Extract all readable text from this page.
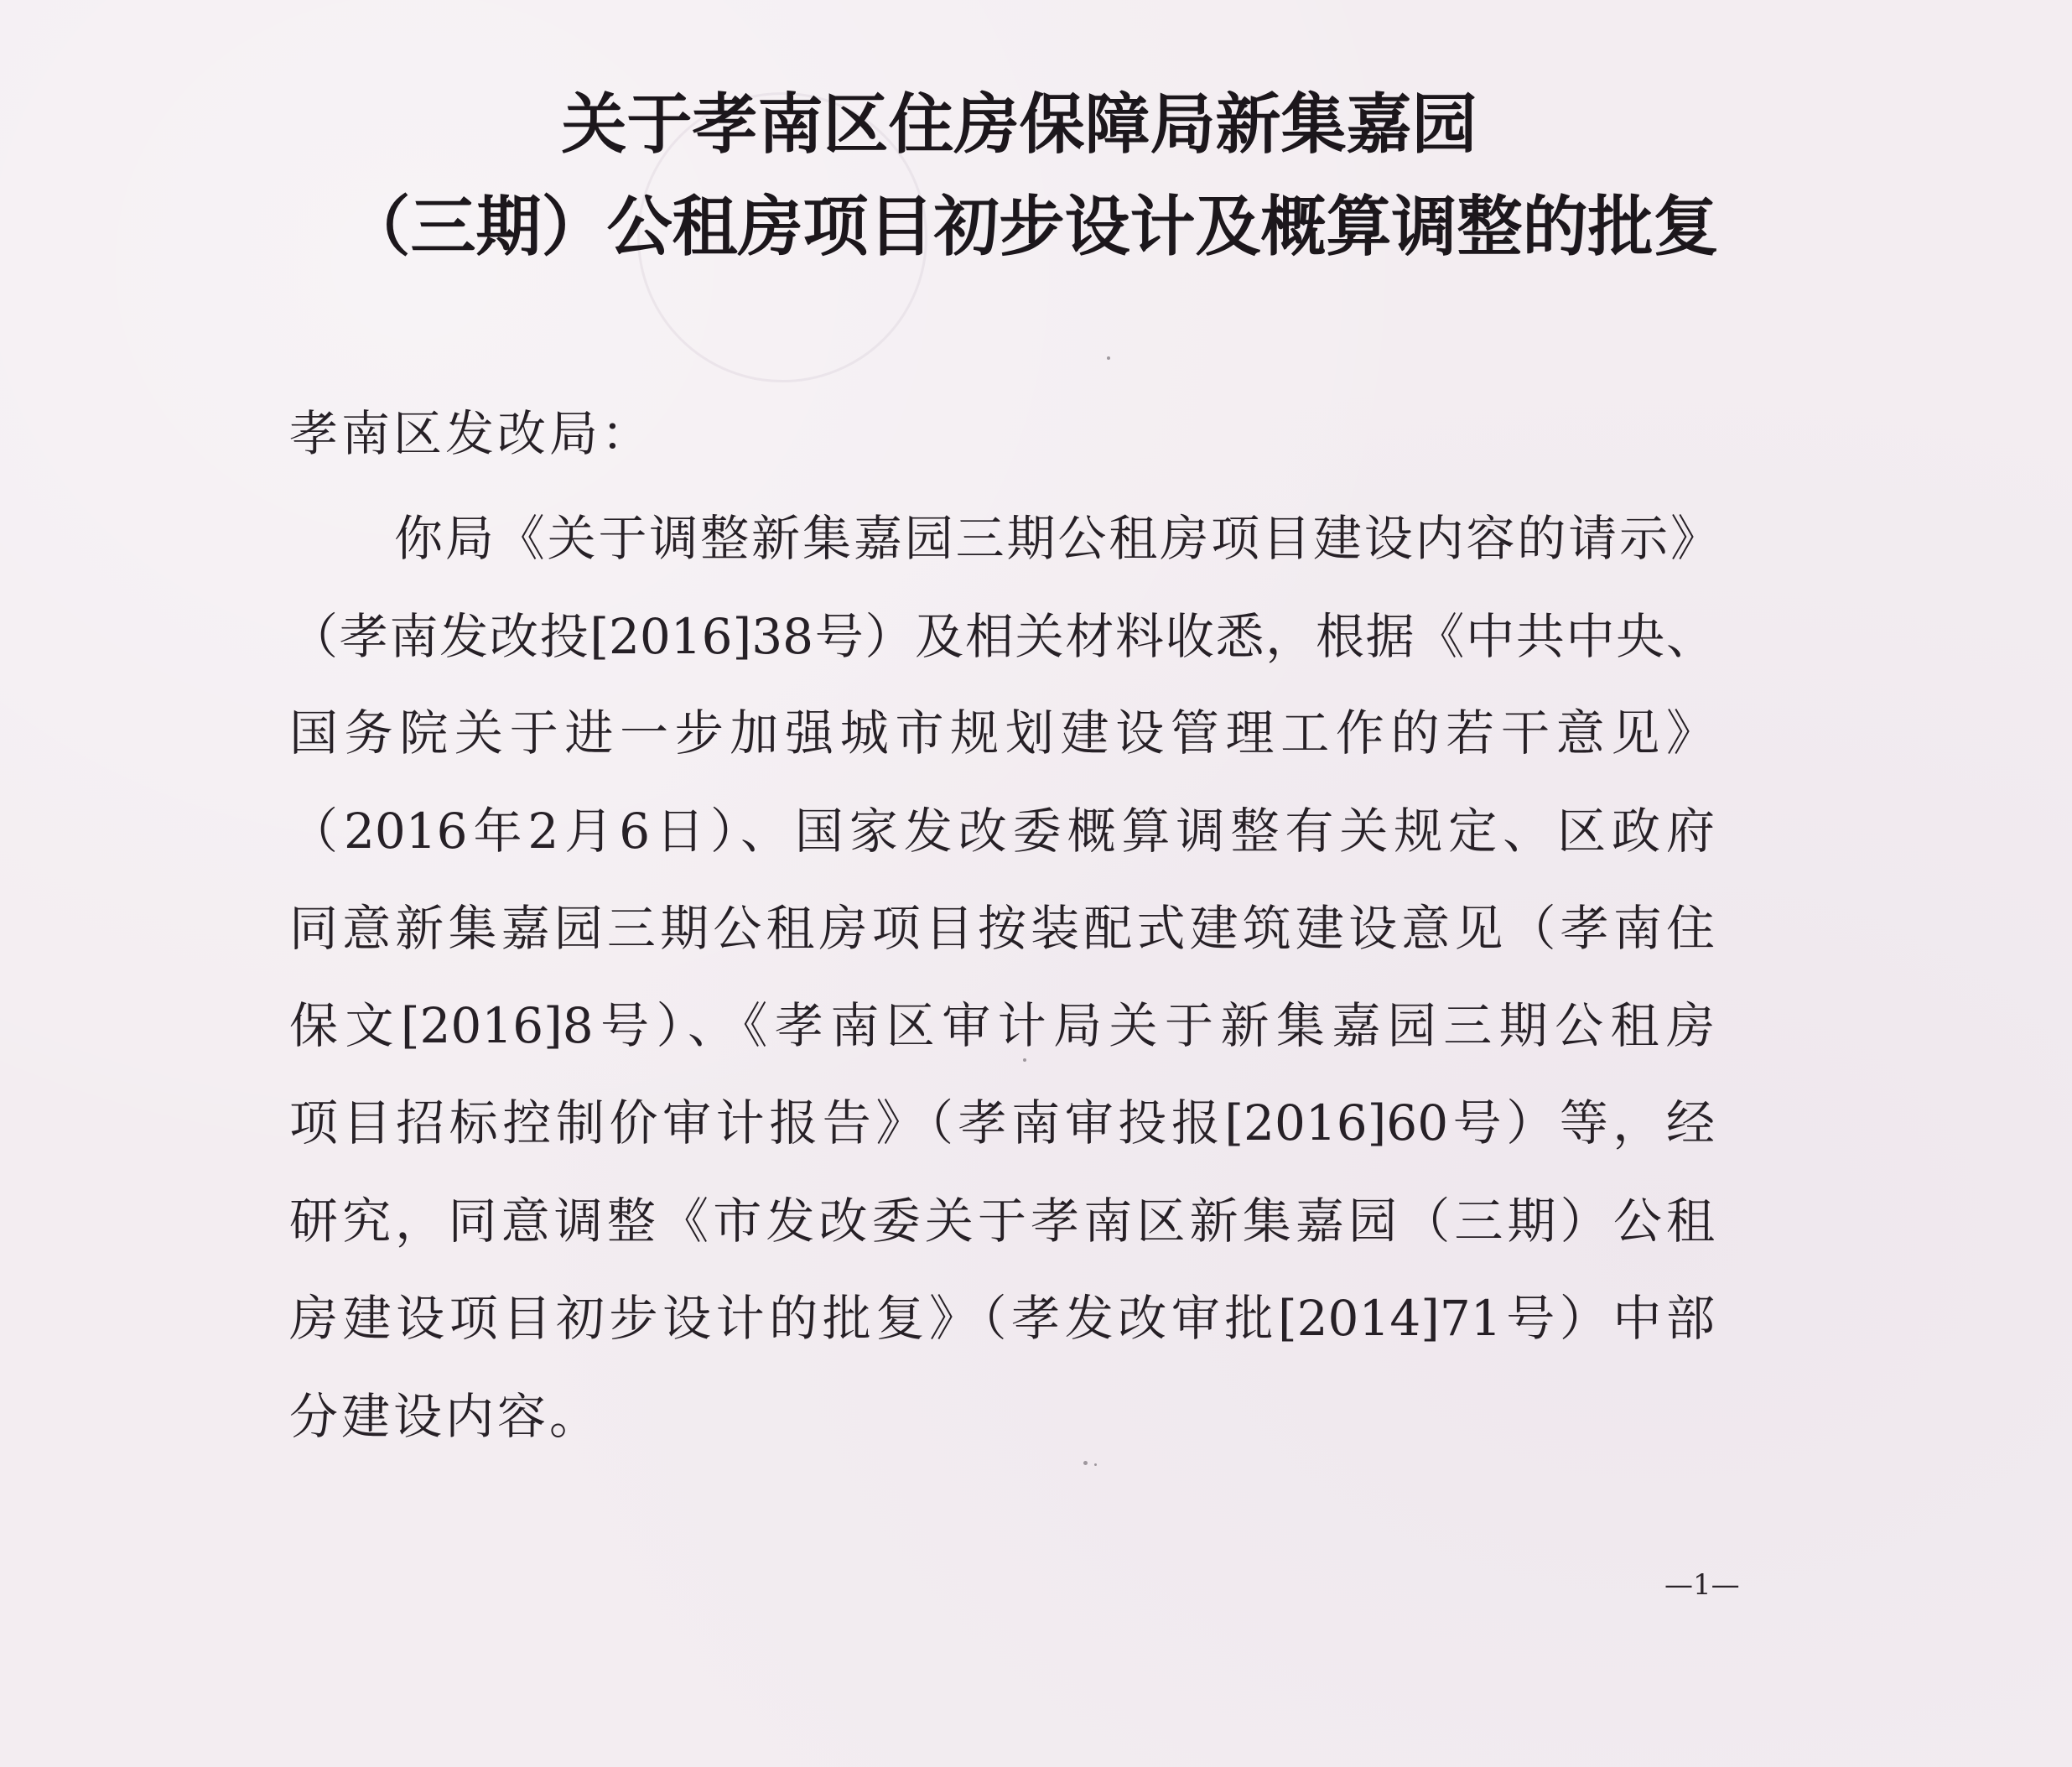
关于孝南区住房保障局新集嘉园
（三期）公租房项目初步设计及概算调整的批复
孝南区发改局：
你局《关于调整新集嘉园三期公租房项目建设内容的请示》
（孝南发改投[2016]38号）及相关材料收悉，根据《中共中央、
国务院关于进一步加强城市规划建设管理工作的若干意见》
（2016年2月6日）、国家发改委概算调整有关规定、区政府
同意新集嘉园三期公租房项目按装配式建筑建设意见（孝南住
保文[2016]8号）、《孝南区审计局关于新集嘉园三期公租房
项目招标控制价审计报告》（孝南审投报[2016]60号）等，经
研究，同意调整《市发改委关于孝南区新集嘉园（三期）公租
房建设项目初步设计的批复》（孝发改审批[2014]71号）中部
分建设内容。
—1—
